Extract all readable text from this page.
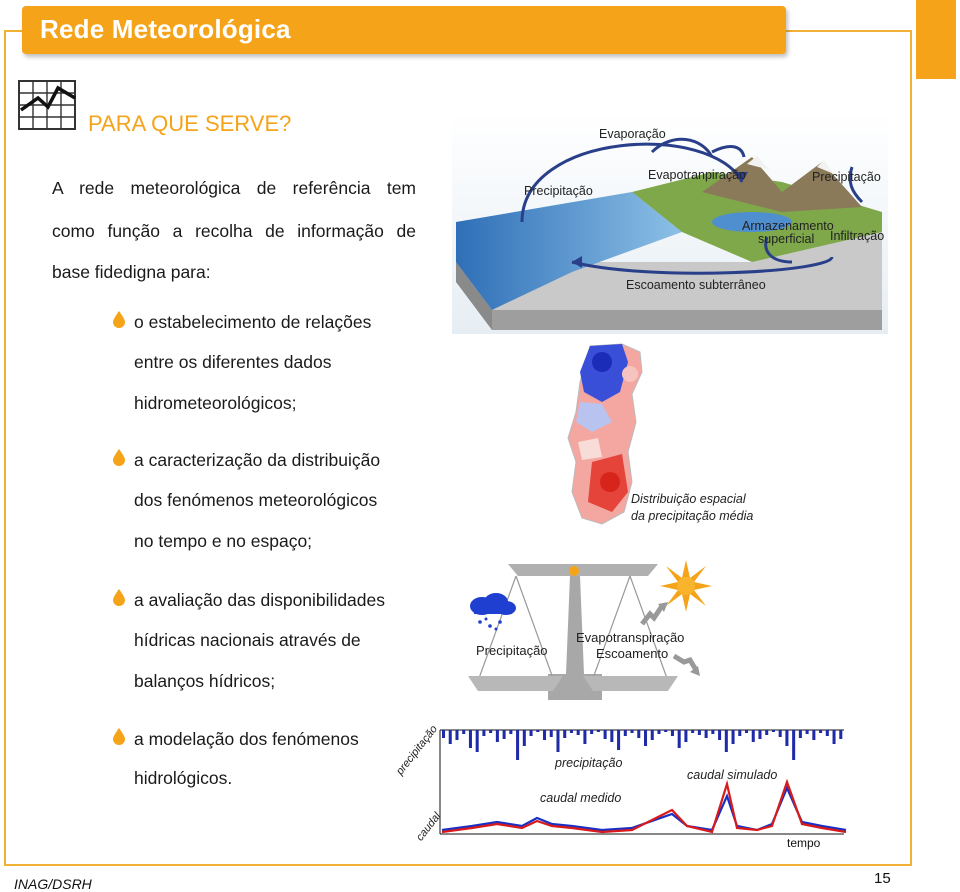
Rede Meteorológica
PARA QUE SERVE?
A rede meteorológica de referência tem
como função a recolha de informação de
base fidedigna para:
o estabelecimento de relações
entre os diferentes dados
hidrometeorológicos;
a caracterização da distribuição
dos fenómenos meteorológicos
no tempo e no espaço;
a avaliação das disponibilidades
hídricas nacionais através de
balanços hídricos;
a modelação dos fenómenos
hidrológicos.
Evaporação
Precipitação
Evapotranpiração	Precipitação
Armazenamento
superficial Infiltração
Escoamento subterrâneo
Distribuição espacial
da precipitação média
Precipitação
Evapotranspiração
Escoamento
precipitação
caudal
precipitação
caudal simulado
caudal medido
tempo
INAG/DSRH	15
